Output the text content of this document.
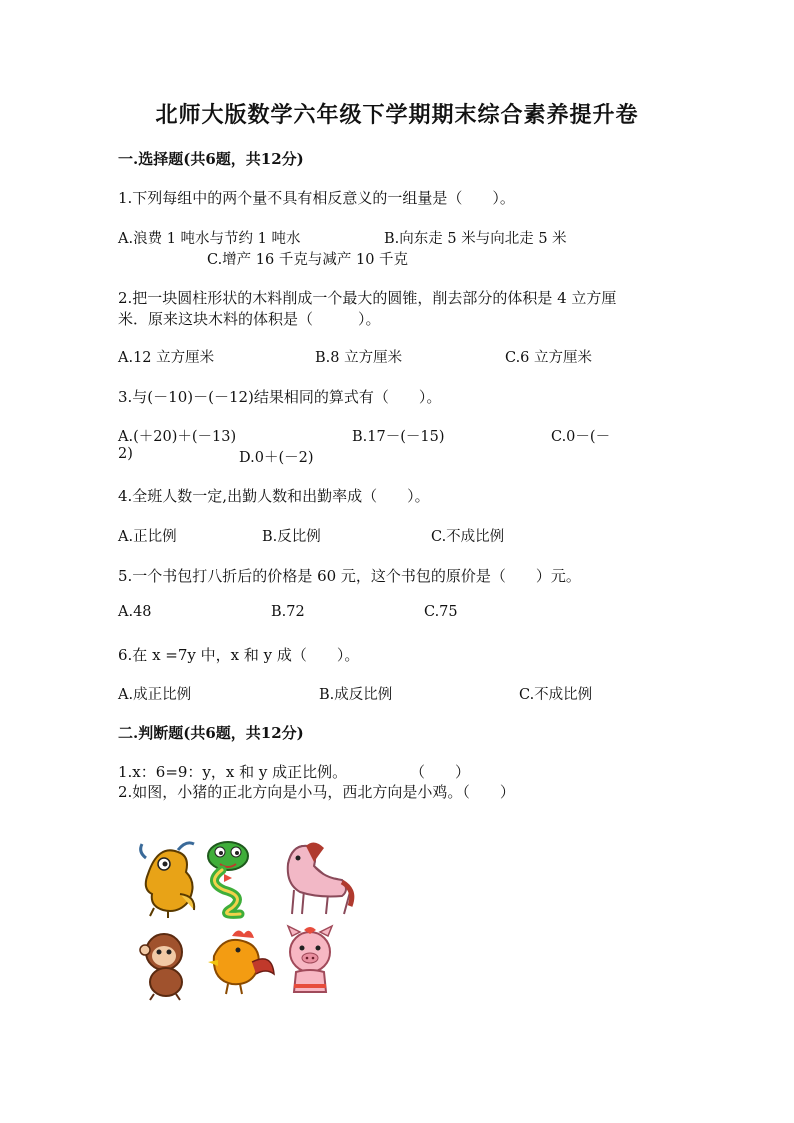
北师大版数学六年级下学期期末综合素养提升卷
一.选择题(共6题，共12分)
1.下列每组中的两个量不具有相反意义的一组量是（　　）。
A.浪费 1 吨水与节约 1 吨水	B.向东走 5 米与向北走 5 米
C.增产 16 千克与减产 10 千克
2.把一块圆柱形状的木料削成一个最大的圆锥，削去部分的体积是 4 立方厘
米．原来这块木料的体积是（　　　）。
A.12 立方厘米	B.8 立方厘米	C.6 立方厘米
3.与(－10)－(－12)结果相同的算式有（　　）。
A.(＋20)＋(－13)	B.17－(－15)	C.0－(－
2)	D.0＋(－2)
4.全班人数一定,出勤人数和出勤率成（　　）。
A.正比例	B.反比例	C.不成比例
5.一个书包打八折后的价格是 60 元，这个书包的原价是（　　）元。
A.48	B.72	C.75
6.在 x =7y 中，x 和 y 成（　　）。
A.成正比例	B.成反比例	C.不成比例
二.判断题(共6题，共12分)
1.x：6=9：y，x 和 y 成正比例。	（　　）
2.如图，小猪的正北方向是小马，西北方向是小鸡。（　　）
